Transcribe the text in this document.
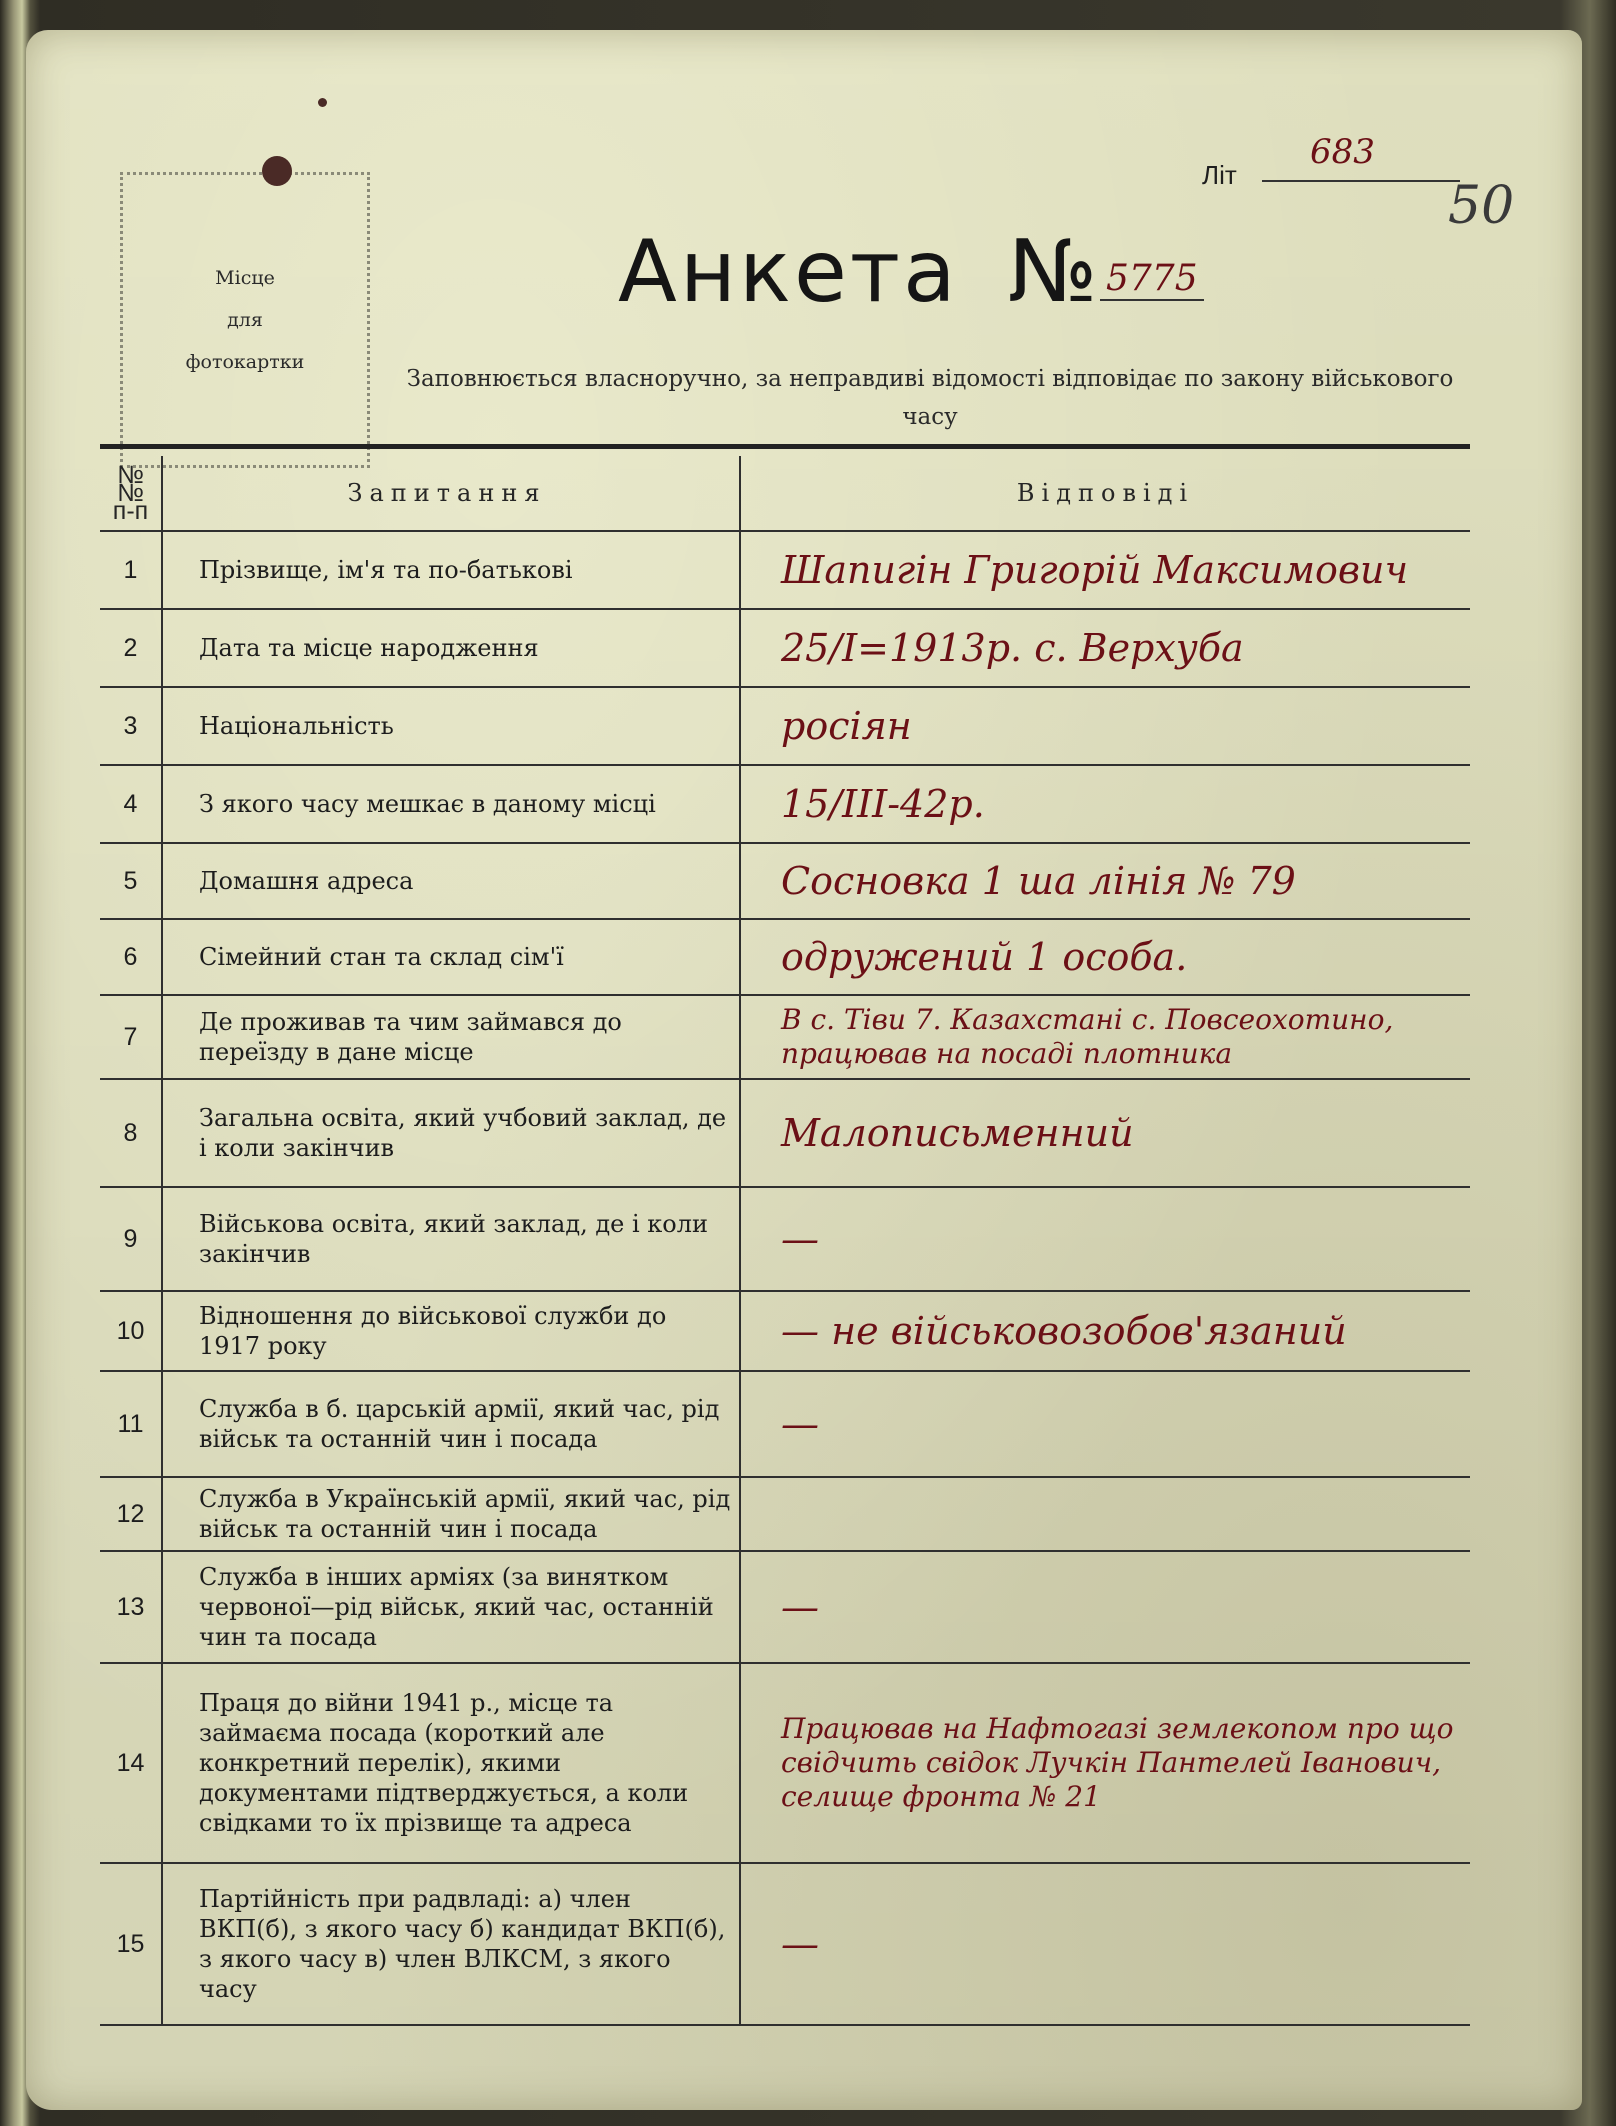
Місце
для
фотокартки
Літ
683
50
Анкета № 5775
Заповнюється власноручно, за неправдиві відомості відповідає по закону військового часу
№№ п-п	Запитання	Відповіді
1	Прізвище, ім'я та по-батькові	Шапигін Григорій Максимович
2	Дата та місце народження	25/І=1913р. с. Верхуба
3	Національність	росіян
4	З якого часу мешкає в даному місці	15/ІІІ-42р.
5	Домашня адреса	Сосновка 1 ша лінія № 79
6	Сімейний стан та склад сім'ї	одружений 1 особа.
7	Де проживав та чим займався до переїзду в дане місце	В с. Тіви 7. Казахстані с. Повсеохотино, працював на посаді плотника
8	Загальна освіта, який учбовий заклад, де і коли закінчив	Малописьменний
9	Військова освіта, який заклад, де і коли закінчив	—
10	Відношення до військової служби до 1917 року	— не військовозобов'язаний
11	Служба в б. царській армії, який час, рід військ та останній чин і посада	—
12	Служба в Українській армії, який час, рід військ та останній чин і посада	
13	Служба в інших арміях (за винятком червоної—рід військ, який час, останній чин та посада	—
14	Праця до війни 1941 р., місце та займаєма посада (короткий але конкретний перелік), якими документами підтверджується, а коли свідками то їх прізвище та адреса	Працював на Нафтогазі землекопом про що свідчить свідок Лучкін Пантелей Іванович, селище фронта № 21
15	Партійність при радвладі: а) член ВКП(б), з якого часу б) кандидат ВКП(б), з якого часу в) член ВЛКСМ, з якого часу	—
